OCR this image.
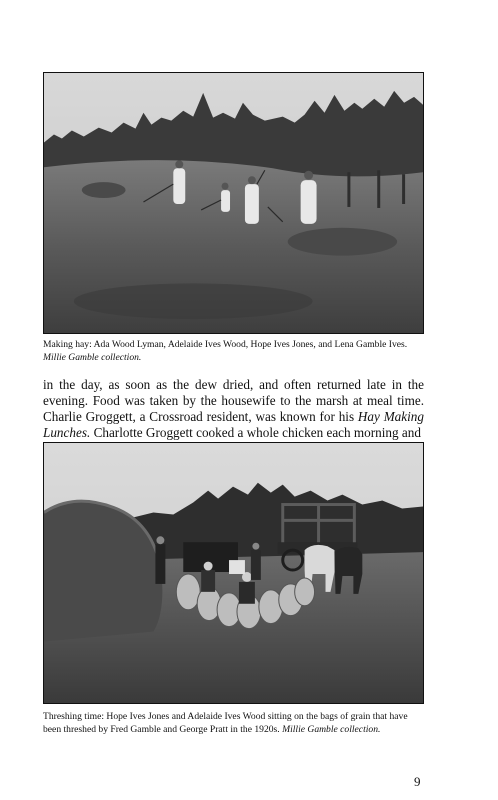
Making hay: Ada Wood Lyman, Adelaide Ives Wood, Hope Ives Jones, and Lena Gamble Ives. Millie Gamble collection.

in the day, as soon as the dew dried, and often returned late in the evening. Food was taken by the housewife to the marsh at meal time. Charlie Groggett, a Crossroad resident, was known for his Hay Making Lunches. Charlotte Groggett cooked a whole chicken each morning and

Threshing time: Hope Ives Jones and Adelaide Ives Wood sitting on the bags of grain that have been threshed by Fred Gamble and George Pratt in the 1920s. Millie Gamble collection.

9
